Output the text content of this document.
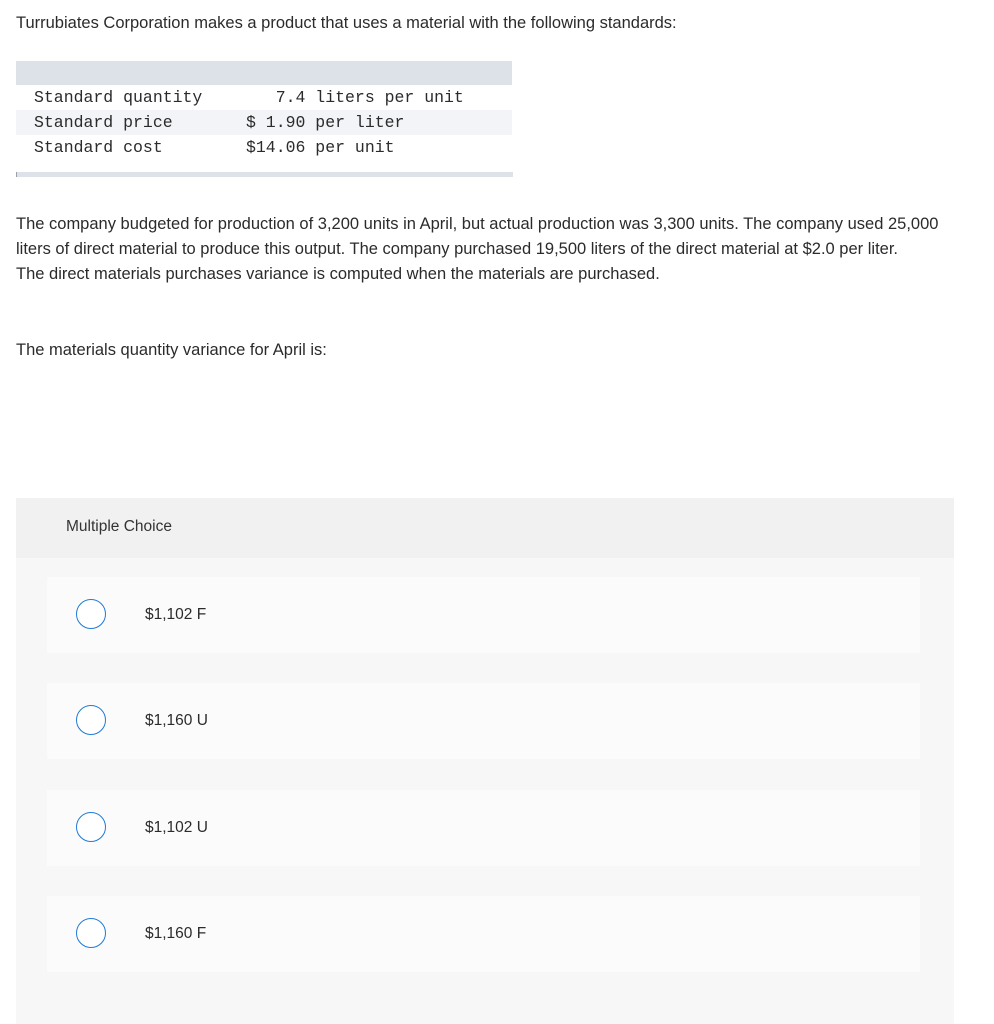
Turrubiates Corporation makes a product that uses a material with the following standards:

Standard quantity	7.4 liters per unit
Standard price	$ 1.90 per liter
Standard cost	$14.06 per unit

The company budgeted for production of 3,200 units in April, but actual production was 3,300 units. The company used 25,000 liters of direct material to produce this output. The company purchased 19,500 liters of the direct material at $2.0 per liter.

The direct materials purchases variance is computed when the materials are purchased.

The materials quantity variance for April is:

Multiple Choice
$1,102 F
$1,160 U
$1,102 U
$1,160 F
